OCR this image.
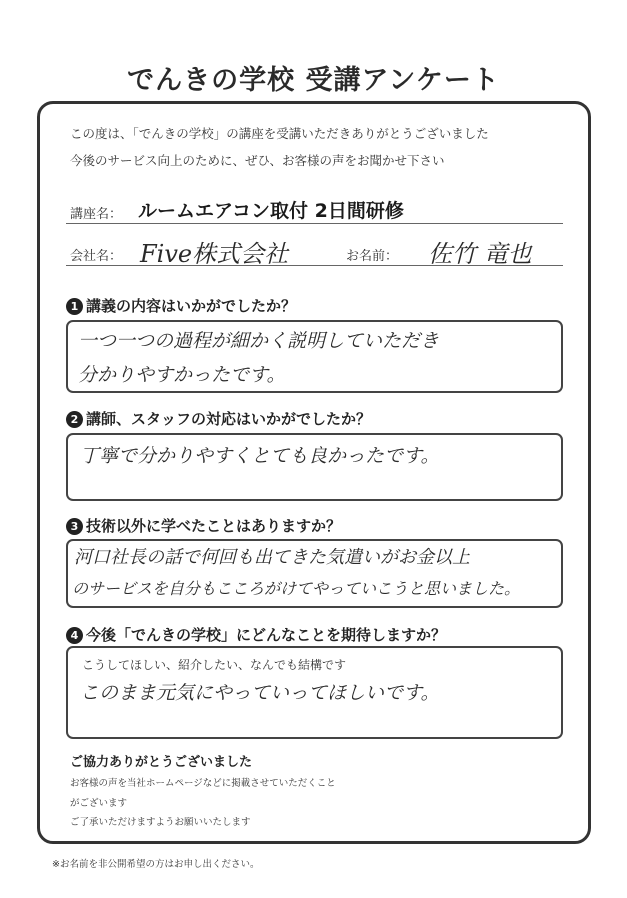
でんきの学校 受講アンケート
この度は、「でんきの学校」の講座を受講いただきありがとうございました
今後のサービス向上のために、ぜひ、お客様の声をお聞かせ下さい
講座名： ルームエアコン取付 2日間研修
会社名： Five株式会社	お名前： 佐竹 竜也
1 講義の内容はいかがでしたか？
一つ一つの過程が細かく説明していただき
分かりやすかったです。
2 講師、スタッフの対応はいかがでしたか？
丁寧で分かりやすくとても良かったです。
3 技術以外に学べたことはありますか？
河口社長の話で何回も出てきた気遣いがお金以上
のサービスを自分もこころがけてやっていこうと思いました。
4 今後「でんきの学校」にどんなことを期待しますか？
こうしてほしい、紹介したい、なんでも結構です
このまま元気にやっていってほしいです。
ご協力ありがとうございました
お客様の声を当社ホームページなどに掲載させていただくこと
がございます
ご了承いただけますようお願いいたします
※お名前を非公開希望の方はお申し出ください。
